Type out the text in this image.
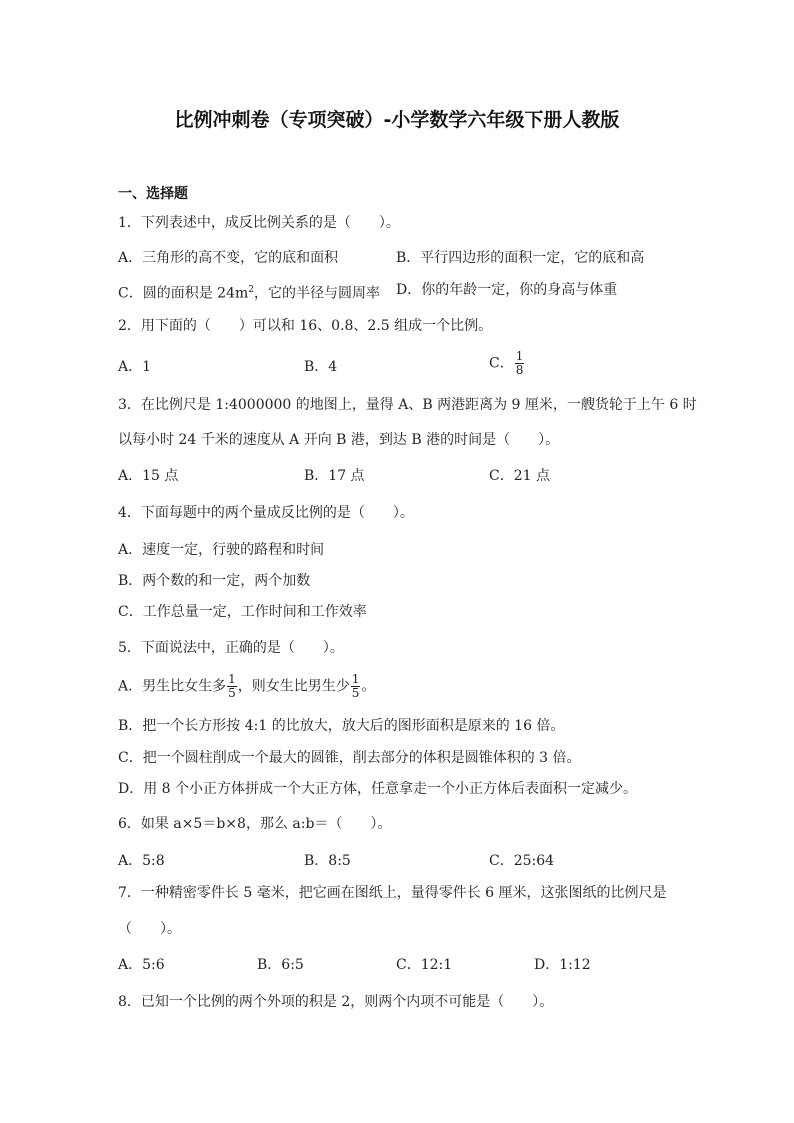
比例冲刺卷（专项突破）-小学数学六年级下册人教版
一、选择题
1．下列表述中，成反比例关系的是（　　）。
A．三角形的高不变，它的底和面积	B．平行四边形的面积一定，它的底和高
C．圆的面积是 $24m^2$，它的半径与圆周率 D．你的年龄一定，你的身高与体重
2．用下面的（　　）可以和 16、0.8、2.5 组成一个比例。
A．1	B．4	C． $\frac{1}{8}$
3．在比例尺是 1:4000000 的地图上，量得 A、B 两港距离为 9 厘米，一艘货轮于上午 6 时
以每小时 24 千米的速度从 A 开向 B 港，到达 B 港的时间是（　　）。
A．15 点	B．17 点	C．21 点
4．下面每题中的两个量成反比例的是（　　）。
A．速度一定，行驶的路程和时间
B．两个数的和一定，两个加数
C．工作总量一定，工作时间和工作效率
5．下面说法中，正确的是（　　）。
A．男生比女生多 $\frac{1}{5}$ ，则女生比男生少 $\frac{1}{5}$ 。
B．把一个长方形按 4:1 的比放大，放大后的图形面积是原来的 16 倍。
C．把一个圆柱削成一个最大的圆锥，削去部分的体积是圆锥体积的 3 倍。
D．用 8 个小正方体拼成一个大正方体，任意拿走一个小正方体后表面积一定减少。
6．如果 a×5＝b×8，那么 a:b＝（　　）。
A．5:8	B．8:5	C．25:64
7．一种精密零件长 5 毫米，把它画在图纸上，量得零件长 6 厘米，这张图纸的比例尺是
（　　）。
A．5:6	B．6:5	C．12:1	D．1:12
8．已知一个比例的两个外项的积是 2，则两个内项不可能是（　　）。
